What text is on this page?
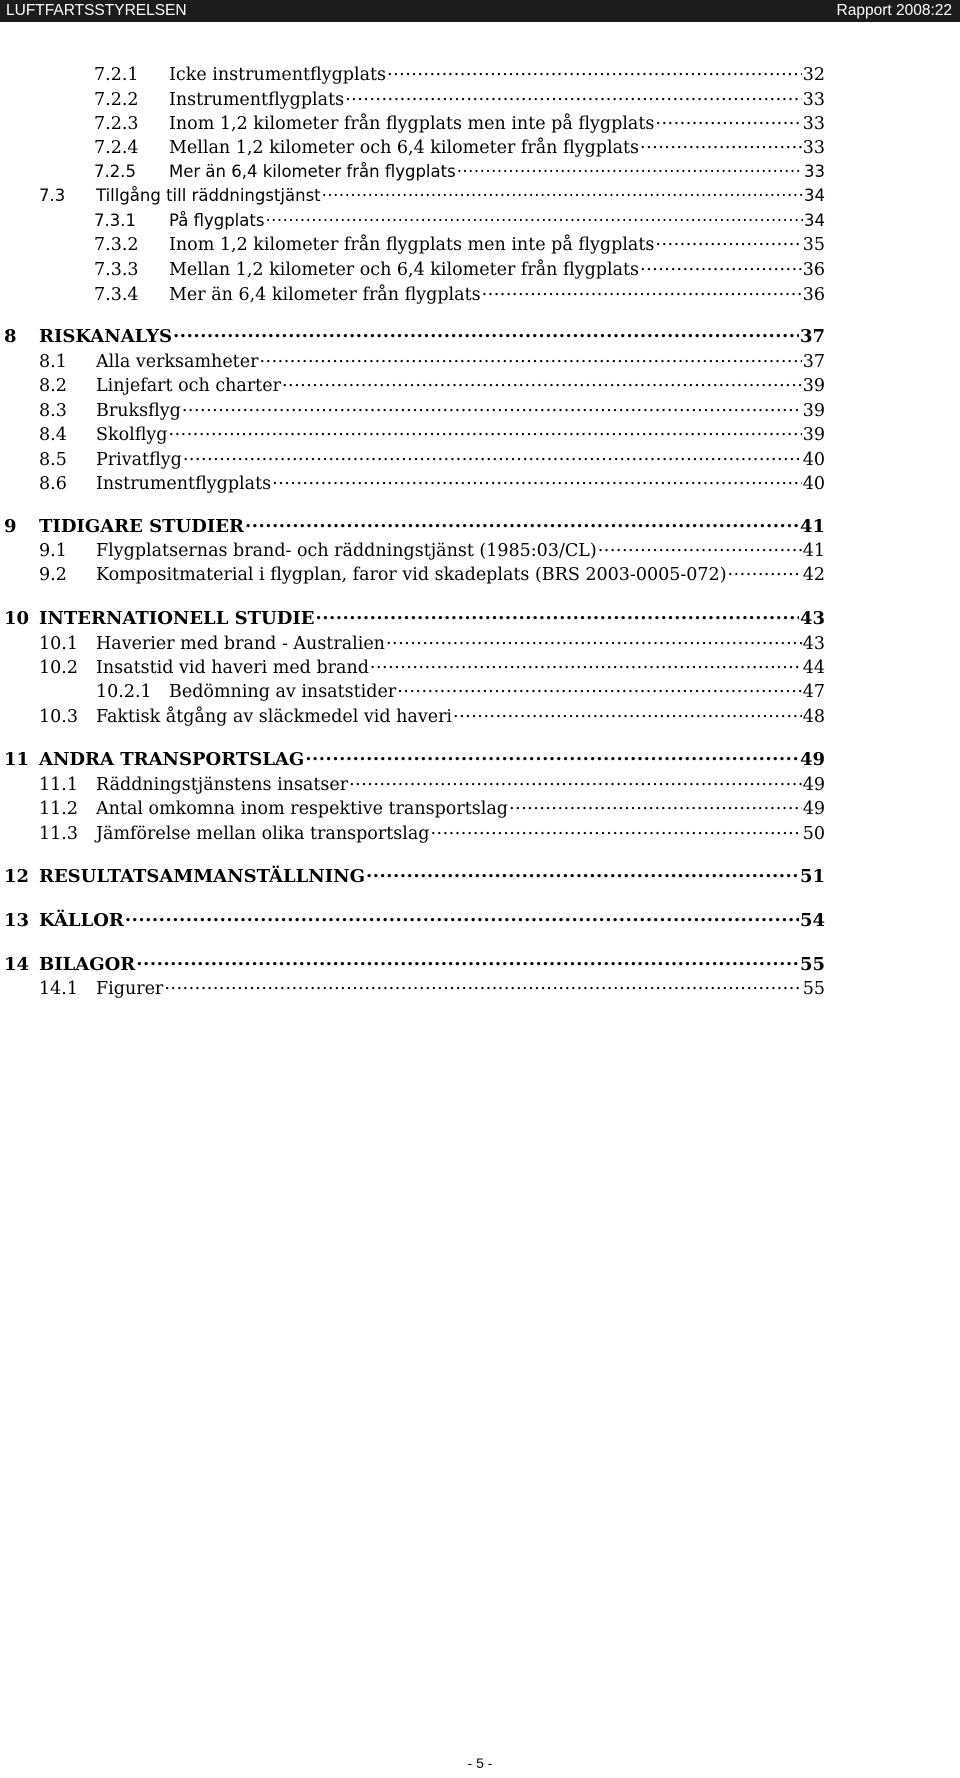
LUFTFARTSSTYRELSEN	Rapport 2008:22
7.2.1	Icke instrumentflygplats .....	32
7.2.2	Instrumentflygplats .....	33
7.2.3	Inom 1,2 kilometer från flygplats men inte på flygplats .....	33
7.2.4	Mellan 1,2 kilometer och 6,4 kilometer från flygplats .....	33
7.2.5	Mer än 6,4 kilometer från flygplats .....	33
7.3	Tillgång till räddningstjänst .....	34
7.3.1	På flygplats .....	34
7.3.2	Inom 1,2 kilometer från flygplats men inte på flygplats .....	35
7.3.3	Mellan 1,2 kilometer och 6,4 kilometer från flygplats .....	36
7.3.4	Mer än 6,4 kilometer från flygplats .....	36
8	RISKANALYS .....	37
8.1	Alla verksamheter .....	37
8.2	Linjefart och charter .....	39
8.3	Bruksflyg .....	39
8.4	Skolflyg .....	39
8.5	Privatflyg .....	40
8.6	Instrumentflygplats .....	40
9	TIDIGARE STUDIER .....	41
9.1	Flygplatsernas brand- och räddningstjänst (1985:03/CL) .....	41
9.2	Kompositmaterial i flygplan, faror vid skadeplats (BRS 2003-0005-072) .....	42
10 INTERNATIONELL STUDIE .....	43
10.1	Haverier med brand - Australien .....	43
10.2	Insatstid vid haveri med brand .....	44
10.2.1 Bedömning av insatstider .....	47
10.3	Faktisk åtgång av släckmedel vid haveri .....	48
11 ANDRA TRANSPORTSLAG .....	49
11.1	Räddningstjänstens insatser .....	49
11.2	Antal omkomna inom respektive transportslag .....	49
11.3	Jämförelse mellan olika transportslag .....	50
12 RESULTATSAMMANSTÄLLNING .....	51
13 KÄLLOR .....	54
14 BILAGOR .....	55
14.1	Figurer .....	55
- 5 -
